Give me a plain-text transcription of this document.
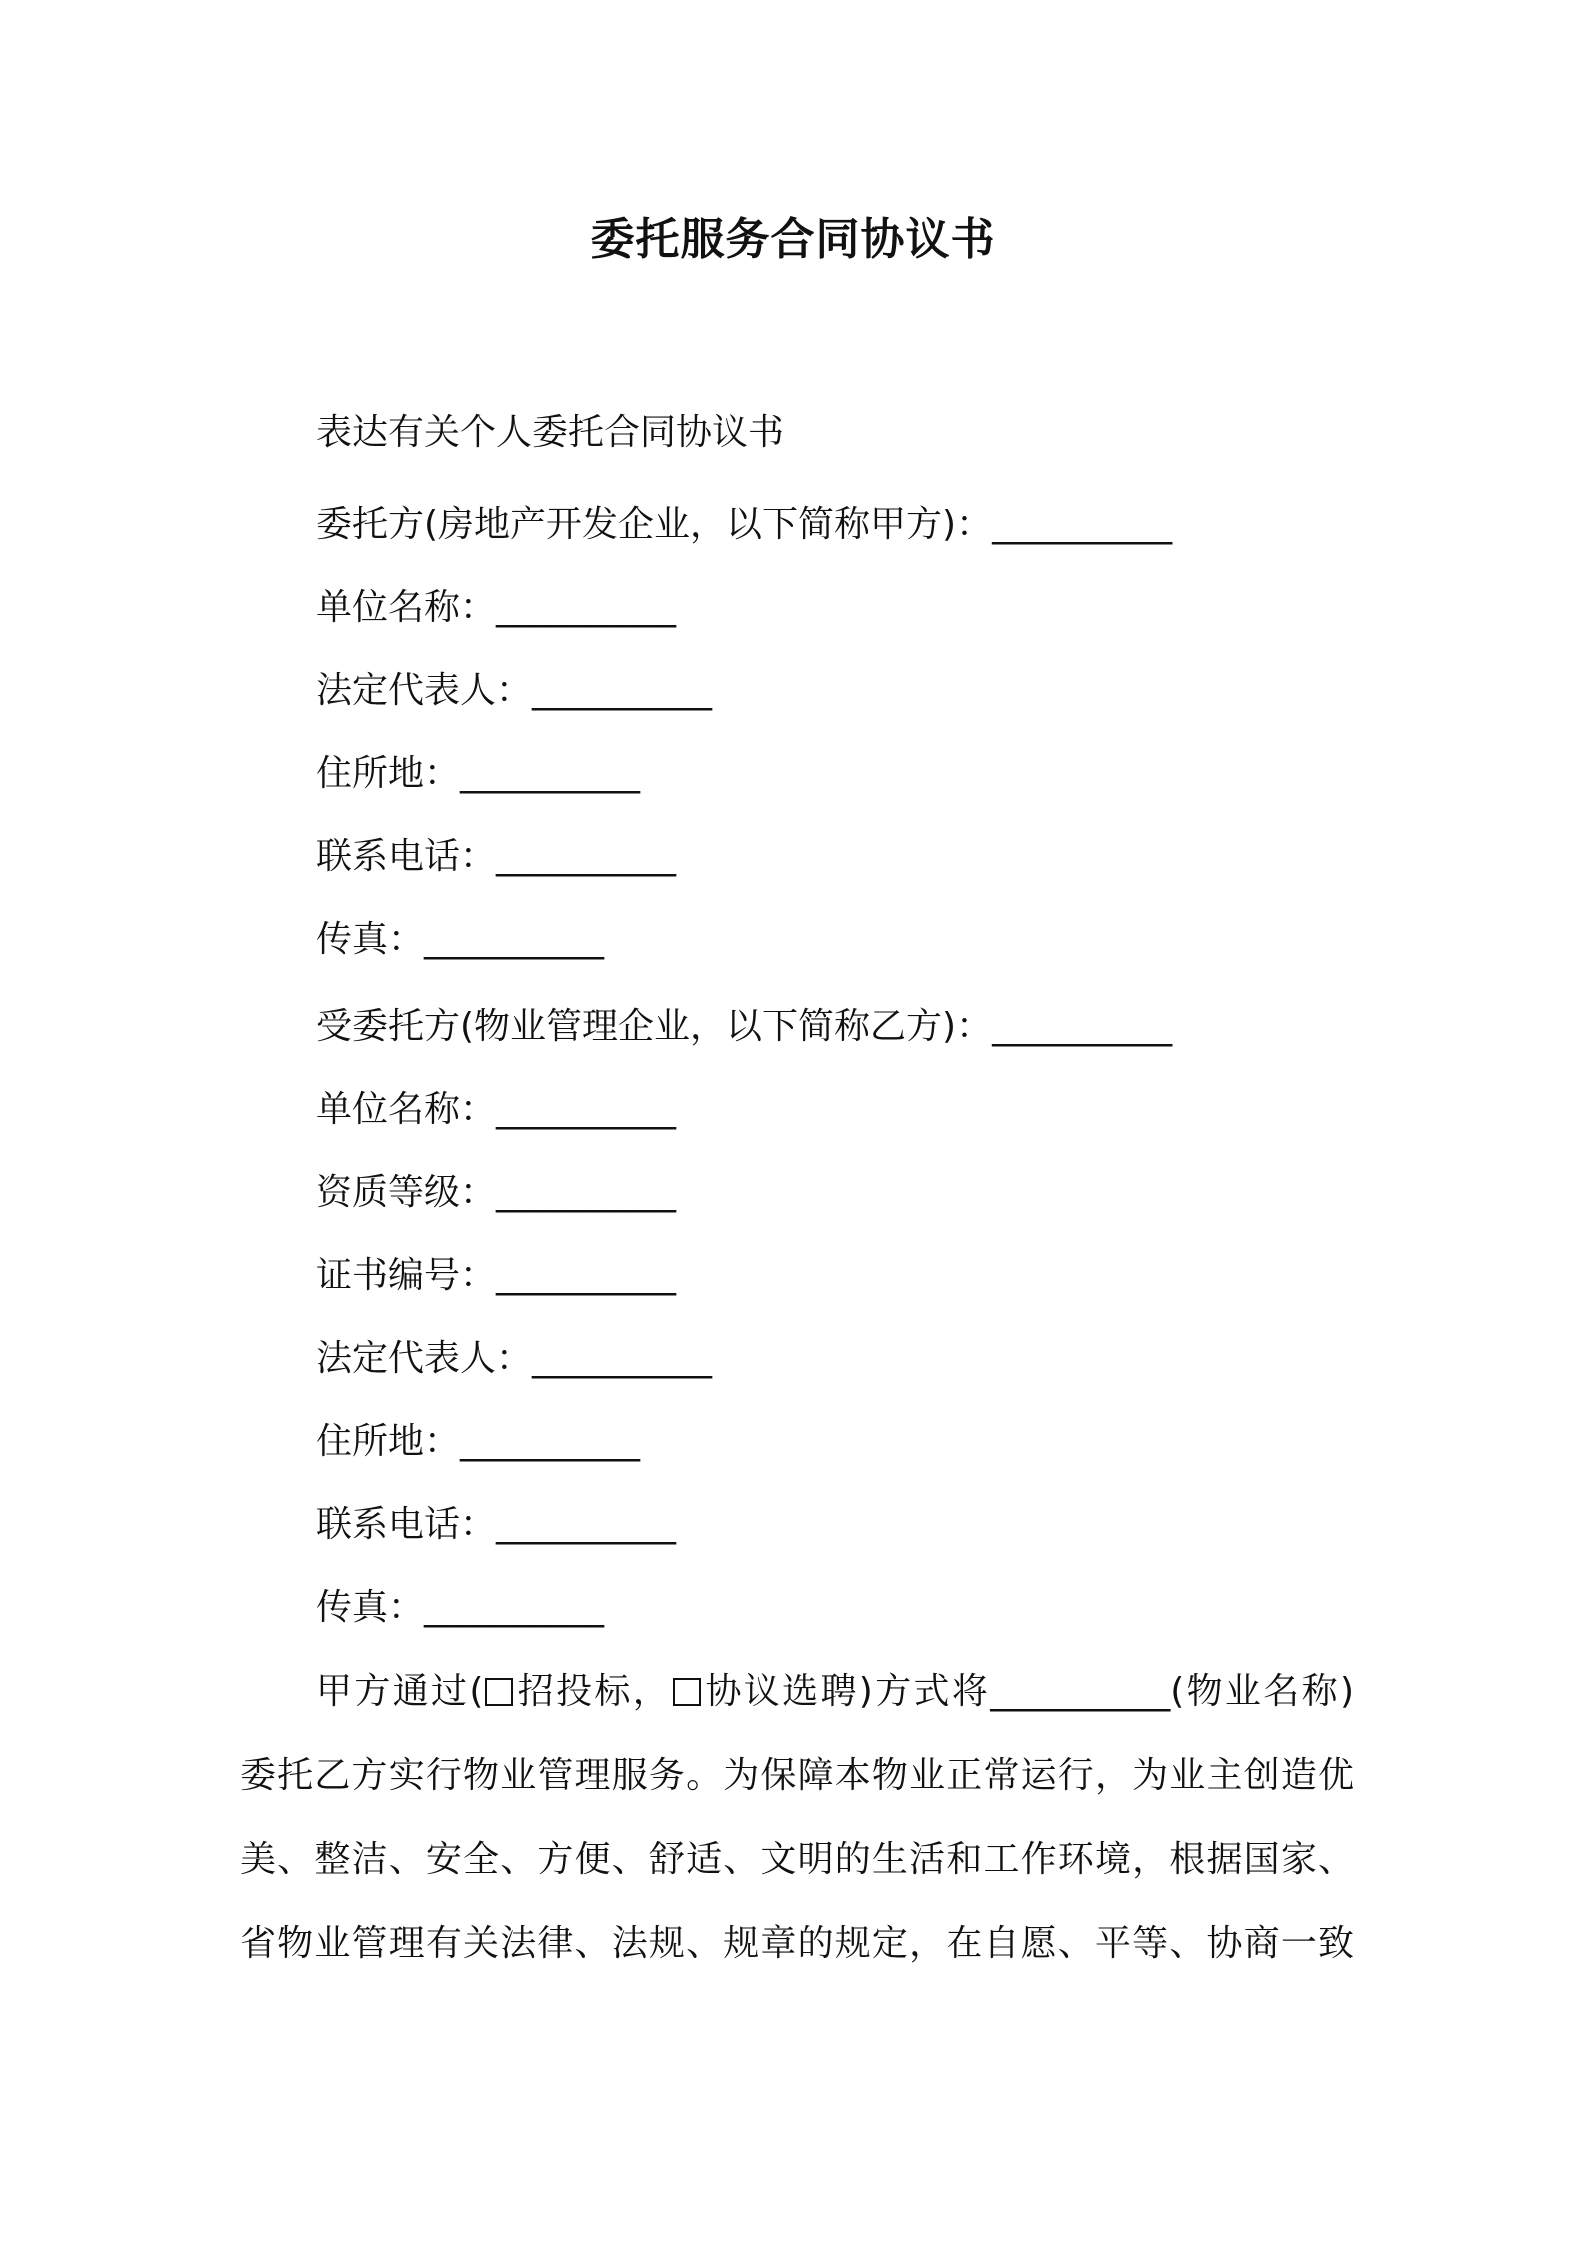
委托服务合同协议书
表达有关个人委托合同协议书
委托方(房地产开发企业，以下简称甲方)：__________
单位名称：__________
法定代表人：__________
住所地：__________
联系电话：__________
传真：__________
受委托方(物业管理企业，以下简称乙方)：__________
单位名称：__________
资质等级：__________
证书编号：__________
法定代表人：__________
住所地：__________
联系电话：__________
传真：__________
甲方通过( 招投标， 协议选聘)方式将__________(物业名称)
委托乙方实行物业管理服务。为保障本物业正常运行，为业主创造优
美、整洁、安全、方便、舒适、文明的生活和工作环境，根据国家、
省物业管理有关法律、法规、规章的规定，在自愿、平等、协商一致
